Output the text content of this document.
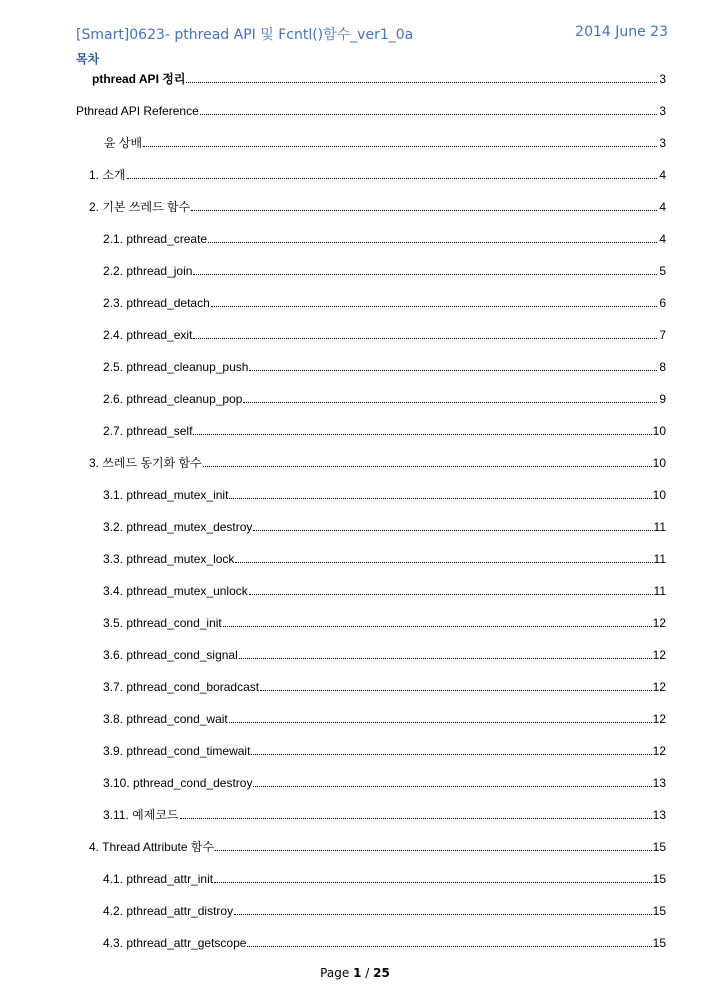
[Smart]0623- pthread API 및 Fcntl()함수_ver1_0a	2014 June 23
목차
pthread API 정리	3
Pthread API Reference	3
윤 상배	3
1. 소개	4
2. 기본 쓰레드 함수	4
2.1. pthread_create	4
2.2. pthread_join	5
2.3. pthread_detach	6
2.4. pthread_exit	7
2.5. pthread_cleanup_push	8
2.6. pthread_cleanup_pop	9
2.7. pthread_self	10
3. 쓰레드 동기화 함수	10
3.1. pthread_mutex_init	10
3.2. pthread_mutex_destroy	11
3.3. pthread_mutex_lock	11
3.4. pthread_mutex_unlock	11
3.5. pthread_cond_init	12
3.6. pthread_cond_signal	12
3.7. pthread_cond_boradcast	12
3.8. pthread_cond_wait	12
3.9. pthread_cond_timewait	12
3.10. pthread_cond_destroy	13
3.11. 예제코드	13
4. Thread Attribute 함수	15
4.1. pthread_attr_init	15
4.2. pthread_attr_distroy	15
4.3. pthread_attr_getscope	15
Page 1 / 25
